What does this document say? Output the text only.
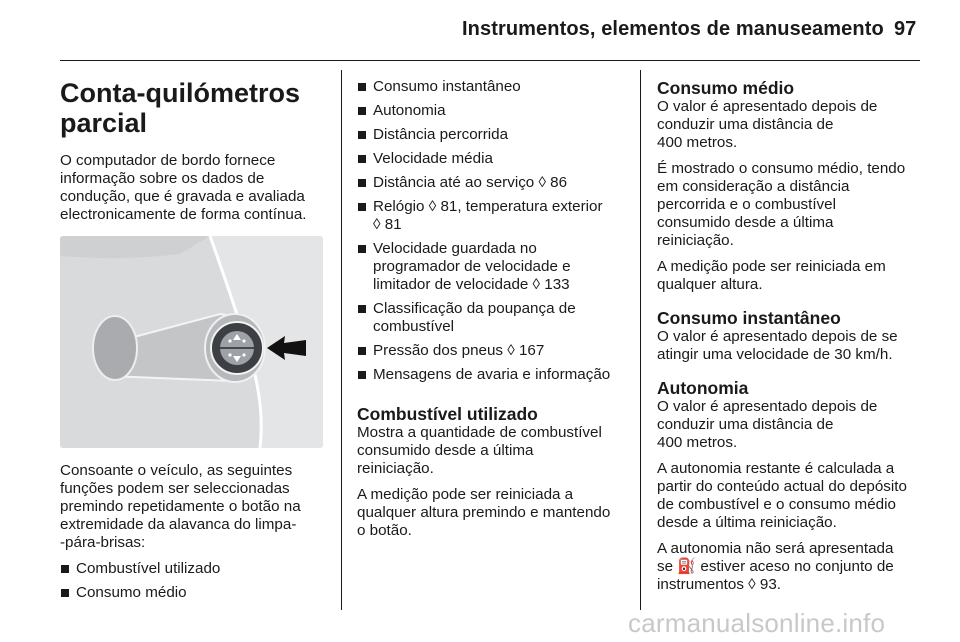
Instrumentos, elementos de manuseamento 97
Conta-quilómetros
parcial

O computador de bordo fornece
informação sobre os dados de
condução, que é gravada e avaliada
electronicamente de forma contínua.

Consoante o veículo, as seguintes
funções podem ser seleccionadas
premindo repetidamente o botão na
extremidade da alavanca do limpa-
-pára-brisas:

Combustível utilizado
Consumo médio
Consumo instantâneo
Autonomia
Distância percorrida
Velocidade média
Distância até ao serviço ◊ 86
Relógio ◊ 81, temperatura exterior
◊ 81
Velocidade guardada no
programador de velocidade e
limitador de velocidade ◊ 133
Classificação da poupança de
combustível
Pressão dos pneus ◊ 167
Mensagens de avaria e informação
Combustível utilizado

Mostra a quantidade de combustível
consumido desde a última
reiniciação.

A medição pode ser reiniciada a
qualquer altura premindo e mantendo
o botão.

Consumo médio

O valor é apresentado depois de
conduzir uma distância de
400 metros.

É mostrado o consumo médio, tendo
em consideração a distância
percorrida e o combustível
consumido desde a última
reiniciação.

A medição pode ser reiniciada em
qualquer altura.

Consumo instantâneo

O valor é apresentado depois de se
atingir uma velocidade de 30 km/h.

Autonomia

O valor é apresentado depois de
conduzir uma distância de
400 metros.

A autonomia restante é calculada a
partir do conteúdo actual do depósito
de combustível e o consumo médio
desde a última reiniciação.

A autonomia não será apresentada
se ⛽ estiver aceso no conjunto de
instrumentos ◊ 93.

carmanualsonline.info
